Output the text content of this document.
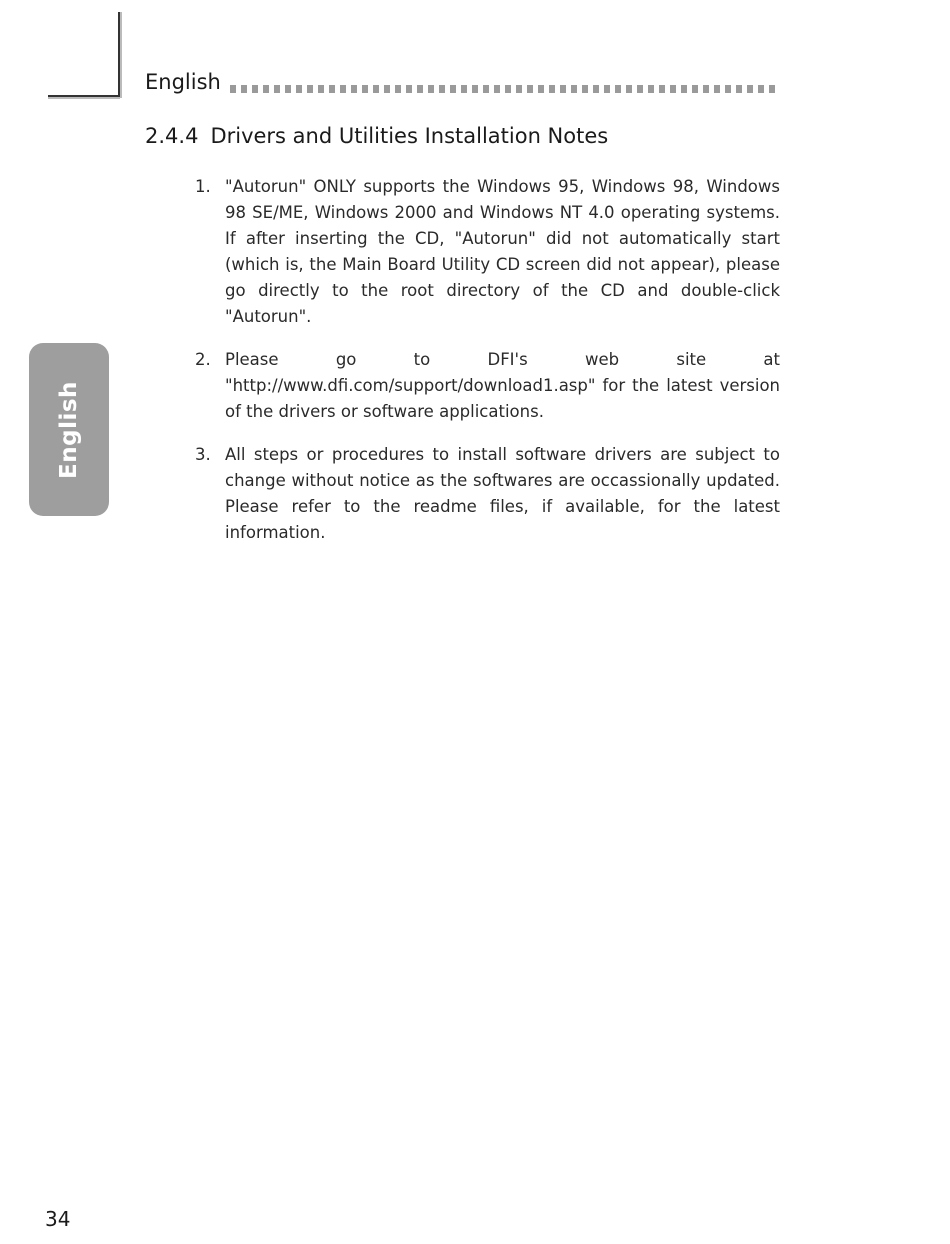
English
2.4.4 Drivers and Utilities Installation Notes
English
1. "Autorun" ONLY supports the Windows 95, Windows 98, Windows 98 SE/ME, Windows 2000 and Windows NT 4.0 operating systems. If after inserting the CD, "Autorun" did not automatically start (which is, the Main Board Utility CD screen did not appear), please go directly to the root directory of the CD and double-click "Autorun".
2. Please go to DFI's web site at "http://www.dfi.com/support/download1.asp" for the latest version of the drivers or software applications.
3. All steps or procedures to install software drivers are subject to change without notice as the softwares are occassionally updated. Please refer to the readme files, if available, for the latest information.
34
